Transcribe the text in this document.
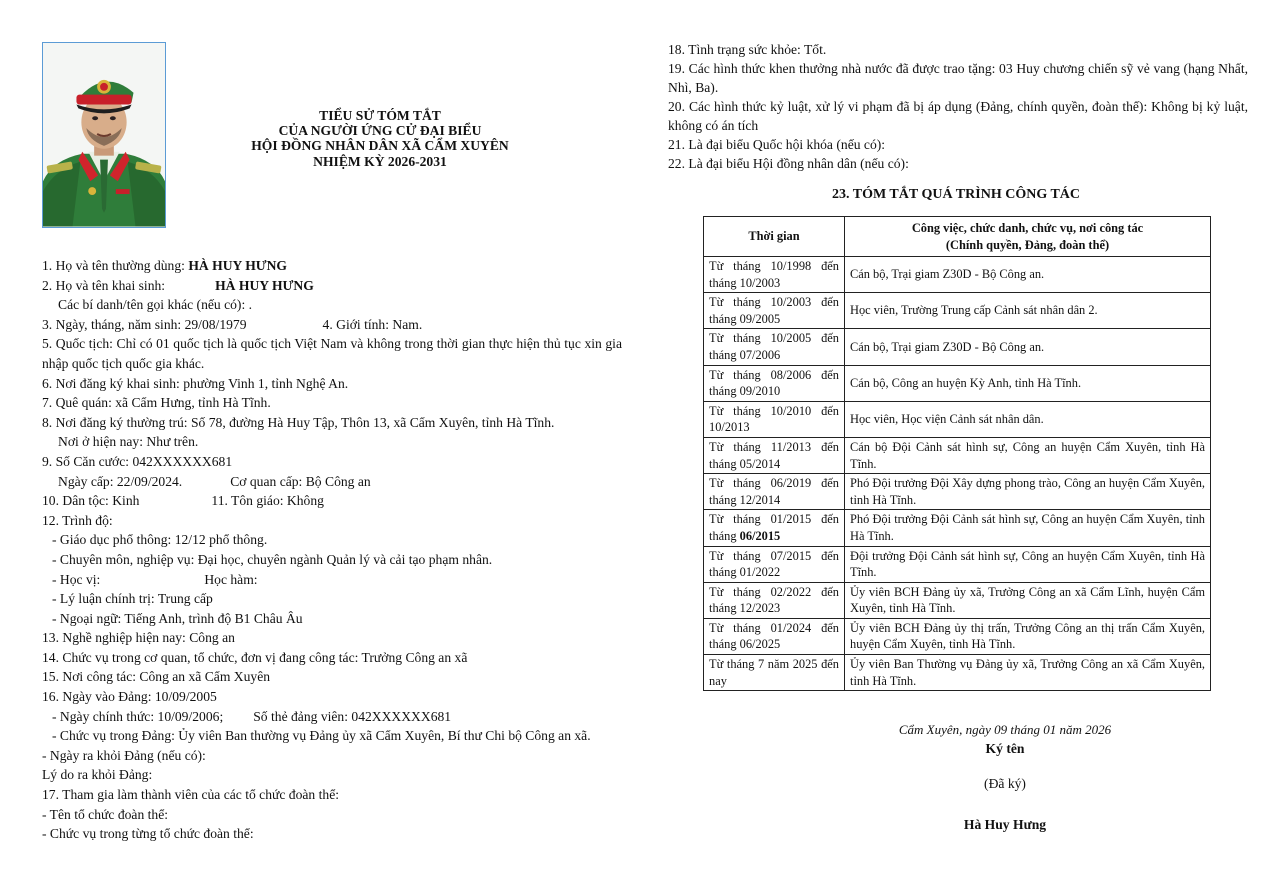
TIỂU SỬ TÓM TẮT
CỦA NGƯỜI ỨNG CỬ ĐẠI BIỂU
HỘI ĐỒNG NHÂN DÂN XÃ CẨM XUYÊN
NHIỆM KỲ 2026-2031
1. Họ và tên thường dùng: HÀ HUY HƯNG
2. Họ và tên khai sinh:	HÀ HUY HƯNG
Các bí danh/tên gọi khác (nếu có): .
3. Ngày, tháng, năm sinh: 29/08/1979	4. Giới tính: Nam.
5. Quốc tịch: Chỉ có 01 quốc tịch là quốc tịch Việt Nam và không trong thời gian thực hiện thủ tục xin gia nhập quốc tịch quốc gia khác.
6. Nơi đăng ký khai sinh: phường Vinh 1, tỉnh Nghệ An.
7. Quê quán: xã Cẩm Hưng, tỉnh Hà Tĩnh.
8. Nơi đăng ký thường trú: Số 78, đường Hà Huy Tập, Thôn 13, xã Cẩm Xuyên, tỉnh Hà Tĩnh.
Nơi ở hiện nay: Như trên.
9. Số Căn cước: 042XXXXXX681
Ngày cấp: 22/09/2024.	Cơ quan cấp: Bộ Công an
10. Dân tộc: Kinh	11. Tôn giáo: Không
12. Trình độ:
- Giáo dục phổ thông: 12/12 phổ thông.
- Chuyên môn, nghiệp vụ: Đại học, chuyên ngành Quản lý và cải tạo phạm nhân.
- Học vị:	Học hàm:
- Lý luận chính trị: Trung cấp
- Ngoại ngữ: Tiếng Anh, trình độ B1 Châu Âu
13. Nghề nghiệp hiện nay: Công an
14. Chức vụ trong cơ quan, tổ chức, đơn vị đang công tác: Trưởng Công an xã
15. Nơi công tác: Công an xã Cẩm Xuyên
16. Ngày vào Đảng: 10/09/2005
- Ngày chính thức: 10/09/2006; Số thẻ đảng viên: 042XXXXXX681
- Chức vụ trong Đảng: Ủy viên Ban thường vụ Đảng ủy xã Cẩm Xuyên, Bí thư Chi bộ Công an xã.
- Ngày ra khỏi Đảng (nếu có):
Lý do ra khỏi Đảng:
17. Tham gia làm thành viên của các tổ chức đoàn thể:
- Tên tổ chức đoàn thể:
- Chức vụ trong từng tổ chức đoàn thể:
18. Tình trạng sức khỏe: Tốt.
19. Các hình thức khen thưởng nhà nước đã được trao tặng: 03 Huy chương chiến sỹ vẻ vang (hạng Nhất, Nhì, Ba).
20. Các hình thức kỷ luật, xử lý vi phạm đã bị áp dụng (Đảng, chính quyền, đoàn thể): Không bị kỷ luật, không có án tích
21. Là đại biểu Quốc hội khóa (nếu có):
22. Là đại biểu Hội đồng nhân dân (nếu có):
23. TÓM TẮT QUÁ TRÌNH CÔNG TÁC
Thời gian	Công việc, chức danh, chức vụ, nơi công tác
(Chính quyền, Đảng, đoàn thể)

Từ tháng 10/1998 đến tháng 10/2003	Cán bộ, Trại giam Z30D - Bộ Công an.
Từ tháng 10/2003 đến tháng 09/2005	Học viên, Trường Trung cấp Cảnh sát nhân dân 2.
Từ tháng 10/2005 đến tháng 07/2006	Cán bộ, Trại giam Z30D - Bộ Công an.
Từ tháng 08/2006 đến tháng 09/2010	Cán bộ, Công an huyện Kỳ Anh, tỉnh Hà Tĩnh.
Từ tháng 10/2010 đến 10/2013	Học viên, Học viện Cảnh sát nhân dân.
Từ tháng 11/2013 đến tháng 05/2014	Cán bộ Đội Cảnh sát hình sự, Công an huyện Cẩm Xuyên, tỉnh Hà Tĩnh.
Từ tháng 06/2019 đến tháng 12/2014	Phó Đội trưởng Đội Xây dựng phong trào, Công an huyện Cẩm Xuyên, tỉnh Hà Tĩnh.
Từ tháng 01/2015 đến tháng 06/2015	Phó Đội trưởng Đội Cảnh sát hình sự, Công an huyện Cẩm Xuyên, tỉnh Hà Tĩnh.
Từ tháng 07/2015 đến tháng 01/2022	Đội trưởng Đội Cảnh sát hình sự, Công an huyện Cẩm Xuyên, tỉnh Hà Tĩnh.
Từ tháng 02/2022 đến tháng 12/2023	Ủy viên BCH Đảng ủy xã, Trưởng Công an xã Cẩm Lĩnh, huyện Cẩm Xuyên, tỉnh Hà Tĩnh.
Từ tháng 01/2024 đến tháng 06/2025	Ủy viên BCH Đảng ủy thị trấn, Trưởng Công an thị trấn Cẩm Xuyên, huyện Cẩm Xuyên, tỉnh Hà Tĩnh.
Từ tháng 7 năm 2025 đến nay	Ủy viên Ban Thường vụ Đảng ủy xã, Trưởng Công an xã Cẩm Xuyên, tỉnh Hà Tĩnh.
Cẩm Xuyên, ngày 09 tháng 01 năm 2026
Ký tên
(Đã ký)
Hà Huy Hưng
